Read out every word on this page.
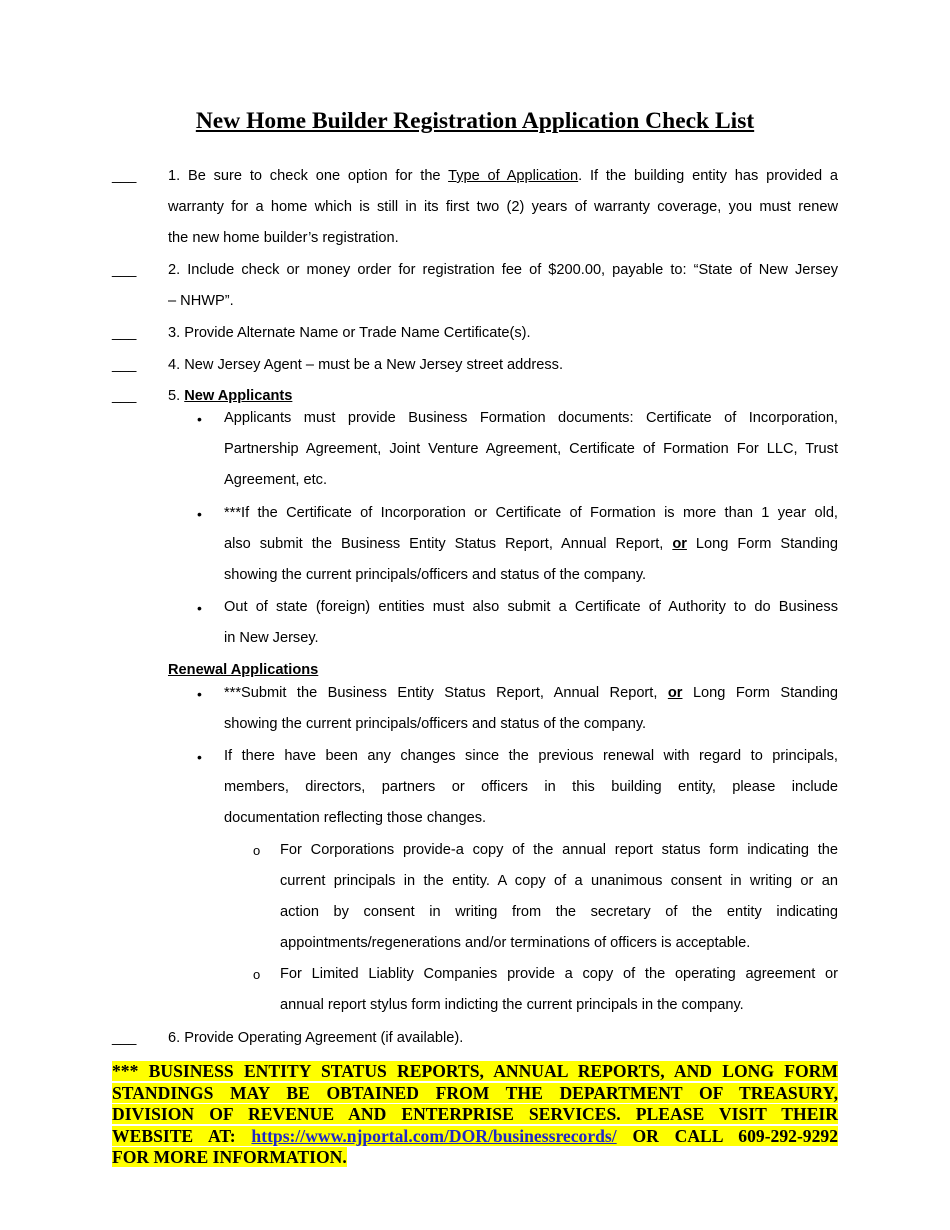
New Home Builder Registration Application Check List
___ 1. Be sure to check one option for the Type of Application. If the building entity has provided a
warranty for a home which is still in its first two (2) years of warranty coverage, you must renew
the new home builder’s registration.
___ 2. Include check or money order for registration fee of $200.00, payable to: “State of New Jersey
– NHWP”.
___ 3. Provide Alternate Name or Trade Name Certificate(s).
___ 4. New Jersey Agent – must be a New Jersey street address.
___ 5. New Applicants
• Applicants must provide Business Formation documents: Certificate of Incorporation,
Partnership Agreement, Joint Venture Agreement, Certificate of Formation For LLC, Trust
Agreement, etc.
• ***If the Certificate of Incorporation or Certificate of Formation is more than 1 year old,
also submit the Business Entity Status Report, Annual Report, or Long Form Standing
showing the current principals/officers and status of the company.
• Out of state (foreign) entities must also submit a Certificate of Authority to do Business
in New Jersey.
Renewal Applications
• ***Submit the Business Entity Status Report, Annual Report, or Long Form Standing
showing the current principals/officers and status of the company.
• If there have been any changes since the previous renewal with regard to principals,
members, directors, partners or officers in this building entity, please include
documentation reflecting those changes.
o For Corporations provide-a copy of the annual report status form indicating the
current principals in the entity. A copy of a unanimous consent in writing or an
action by consent in writing from the secretary of the entity indicating
appointments/regenerations and/or terminations of officers is acceptable.
o For Limited Liablity Companies provide a copy of the operating agreement or
annual report stylus form indicting the current principals in the company.
___ 6. Provide Operating Agreement (if available).
*** BUSINESS ENTITY STATUS REPORTS, ANNUAL REPORTS, AND LONG FORM
STANDINGS MAY BE OBTAINED FROM THE DEPARTMENT OF TREASURY,
DIVISION OF REVENUE AND ENTERPRISE SERVICES. PLEASE VISIT THEIR
WEBSITE AT: https://www.njportal.com/DOR/businessrecords/ OR CALL 609-292-9292
FOR MORE INFORMATION.
